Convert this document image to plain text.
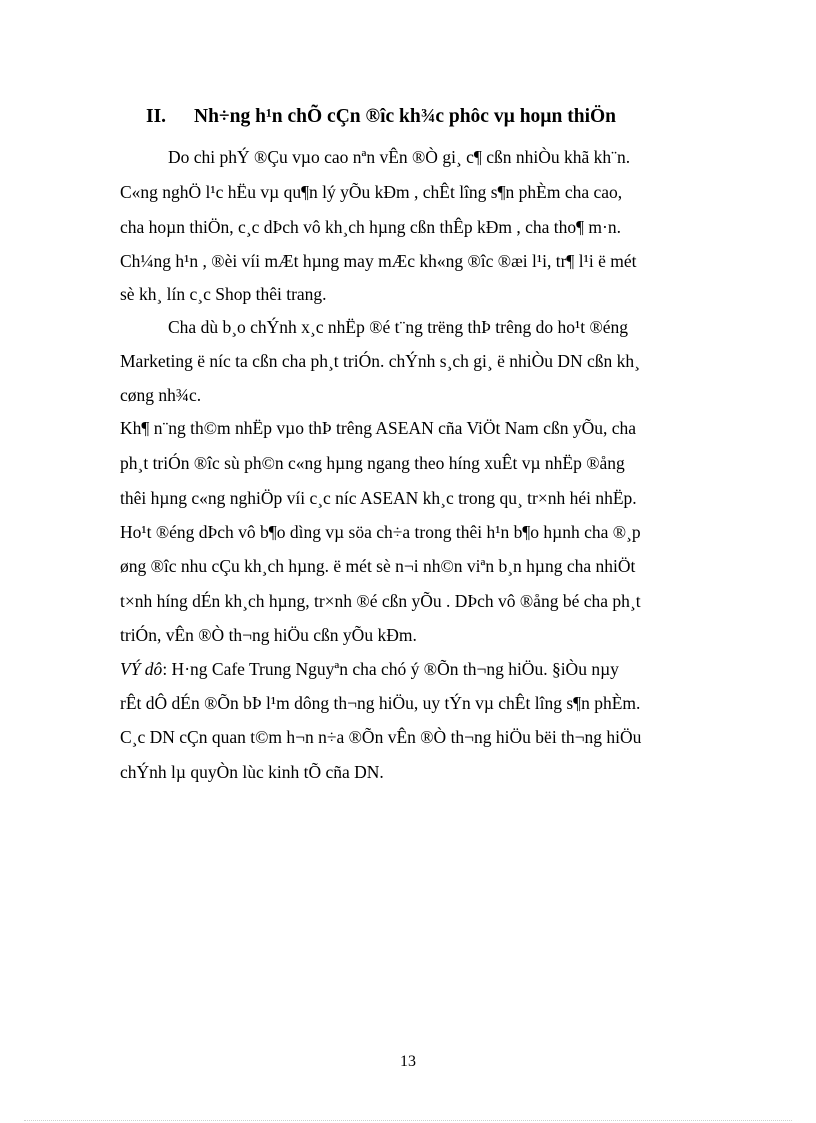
II. Nh÷ng h¹n chÕ cÇn ®îc kh¾c phôc vµ hoµn thiÖn
Do chi phÝ ®Çu vµo cao nªn vÊn ®Ò gi¸ c¶ cßn nhiÒu khã kh¨n.
C«ng nghÖ l¹c hËu vµ qu¶n lý yÕu kÐm , chÊt lîng s¶n phÈm cha cao,
cha hoµn thiÖn, c¸c dÞch vô kh¸ch hµng cßn thÊp kÐm , cha tho¶ m·n.
Ch¼ng h¹n , ®èi víi mÆt hµng may mÆc kh«ng ®îc ®æi l¹i, tr¶ l¹i ë mét
sè kh¸ lín c¸c Shop thêi trang.
Cha dù b¸o chÝnh x¸c nhËp ®é t¨ng trëng thÞ trêng do ho¹t ®éng
Marketing ë níc ta cßn cha ph¸t triÓn. chÝnh s¸ch gi¸ ë nhiÒu DN cßn kh¸
cøng nh¾c.
Kh¶ n¨ng th©m nhËp vµo thÞ trêng ASEAN cña ViÖt Nam cßn yÕu, cha
ph¸t triÓn ®îc sù ph©n c«ng hµng ngang theo híng xuÊt vµ nhËp ®ång
thêi hµng c«ng nghiÖp víi c¸c níc ASEAN kh¸c trong qu¸ tr×nh héi nhËp.
Ho¹t ®éng dÞch vô b¶o dìng vµ söa ch÷a trong thêi h¹n b¶o hµnh cha ®¸p
øng ®îc nhu cÇu kh¸ch hµng. ë mét sè n¬i nh©n viªn b¸n hµng cha nhiÖt
t×nh híng dÉn kh¸ch hµng, tr×nh ®é cßn yÕu . DÞch vô ®ång bé cha ph¸t
triÓn, vÊn ®Ò th¬ng hiÖu cßn yÕu kÐm.
VÝ dô: H·ng Cafe Trung Nguyªn cha chó ý ®Õn th¬ng hiÖu. §iÒu nµy
rÊt dÔ dÉn ®Õn bÞ l¹m dông th¬ng hiÖu, uy tÝn vµ chÊt lîng s¶n phÈm.
C¸c DN cÇn quan t©m h¬n n÷a ®Õn vÊn ®Ò th¬ng hiÖu bëi th¬ng hiÖu
chÝnh lµ quyÒn lùc kinh tÕ cña DN.
13
